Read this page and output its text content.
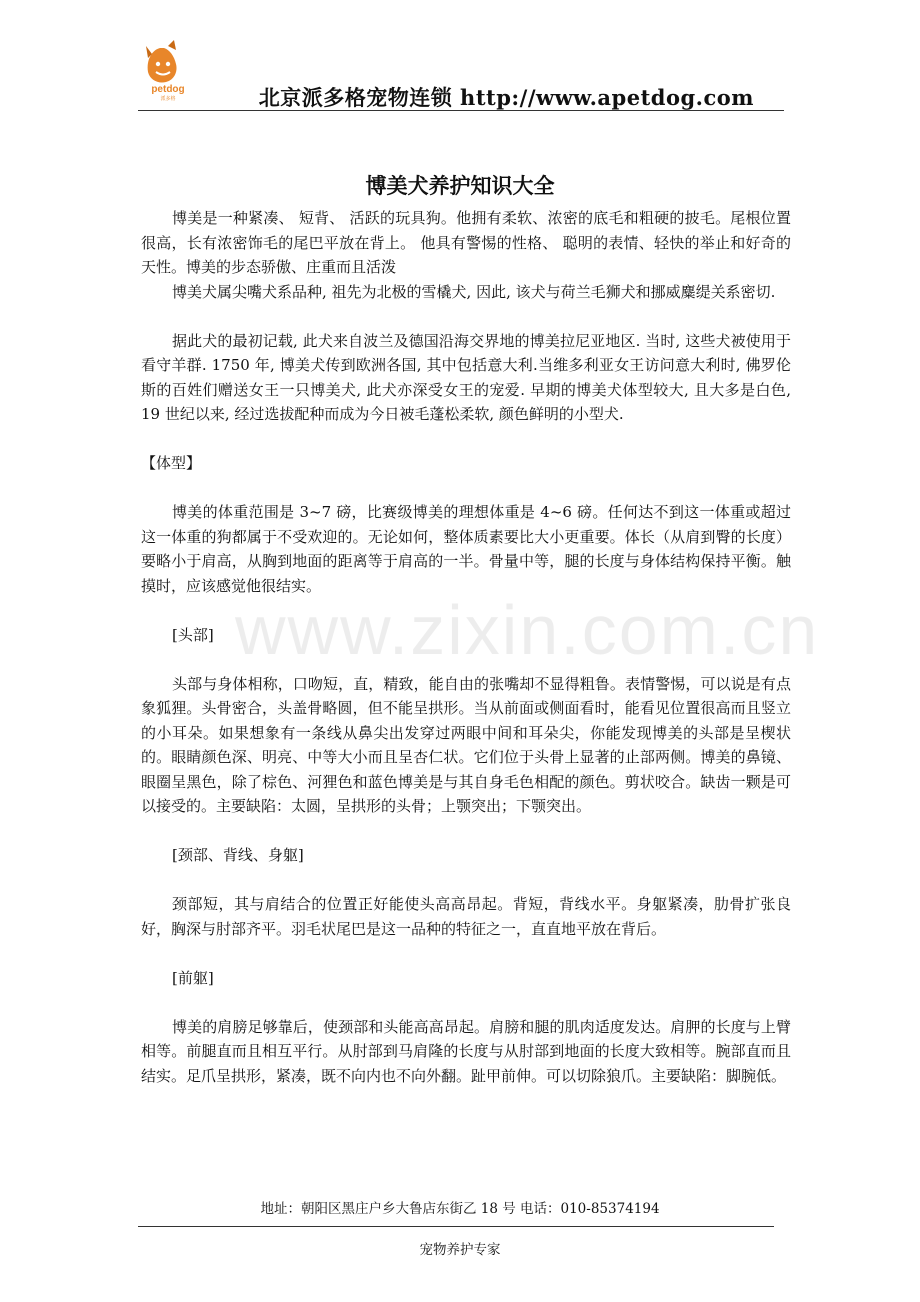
petdog
派多格	北京派多格宠物连锁 http://www.apetdog.com
www.zixin.com.cn
博美犬养护知识大全

博美是一种紧凑、 短背、 活跃的玩具狗。他拥有柔软、浓密的底毛和粗硬的披毛。尾根位置很高，长有浓密饰毛的尾巴平放在背上。 他具有警惕的性格、 聪明的表情、轻快的举止和好奇的天性。博美的步态骄傲、庄重而且活泼

博美犬属尖嘴犬系品种, 祖先为北极的雪橇犬, 因此, 该犬与荷兰毛狮犬和挪威麋缇关系密切.

据此犬的最初记载, 此犬来自波兰及德国沿海交界地的博美拉尼亚地区. 当时, 这些犬被使用于看守羊群. 1750 年, 博美犬传到欧洲各国, 其中包括意大利.当维多利亚女王访问意大利时, 佛罗伦斯的百姓们赠送女王一只博美犬, 此犬亦深受女王的宠爱. 早期的博美犬体型较大, 且大多是白色, 19 世纪以来, 经过选拔配种而成为今日被毛蓬松柔软, 颜色鲜明的小型犬.

【体型】

博美的体重范围是 3~7 磅，比赛级博美的理想体重是 4~6 磅。任何达不到这一体重或超过这一体重的狗都属于不受欢迎的。无论如何，整体质素要比大小更重要。体长（从肩到臀的长度）要略小于肩高，从胸到地面的距离等于肩高的一半。骨量中等，腿的长度与身体结构保持平衡。触摸时，应该感觉他很结实。

[头部]

头部与身体相称，口吻短，直，精致，能自由的张嘴却不显得粗鲁。表情警惕，可以说是有点象狐狸。头骨密合，头盖骨略圆，但不能呈拱形。当从前面或侧面看时，能看见位置很高而且竖立的小耳朵。如果想象有一条线从鼻尖出发穿过两眼中间和耳朵尖，你能发现博美的头部是呈楔状的。眼睛颜色深、明亮、中等大小而且呈杏仁状。它们位于头骨上显著的止部两侧。博美的鼻镜、眼圈呈黑色，除了棕色、河狸色和蓝色博美是与其自身毛色相配的颜色。剪状咬合。缺齿一颗是可以接受的。主要缺陷：太圆，呈拱形的头骨；上颚突出；下颚突出。

[颈部、背线、身躯]

颈部短，其与肩结合的位置正好能使头高高昂起。背短，背线水平。身躯紧凑，肋骨扩张良好，胸深与肘部齐平。羽毛状尾巴是这一品种的特征之一，直直地平放在背后。

[前躯]

博美的肩膀足够靠后，使颈部和头能高高昂起。肩膀和腿的肌肉适度发达。肩胛的长度与上臂相等。前腿直而且相互平行。从肘部到马肩隆的长度与从肘部到地面的长度大致相等。腕部直而且结实。足爪呈拱形，紧凑，既不向内也不向外翻。趾甲前伸。可以切除狼爪。主要缺陷：脚腕低。

地址：朝阳区黑庄户乡大鲁店东街乙 18 号 电话：010-85374194
宠物养护专家
